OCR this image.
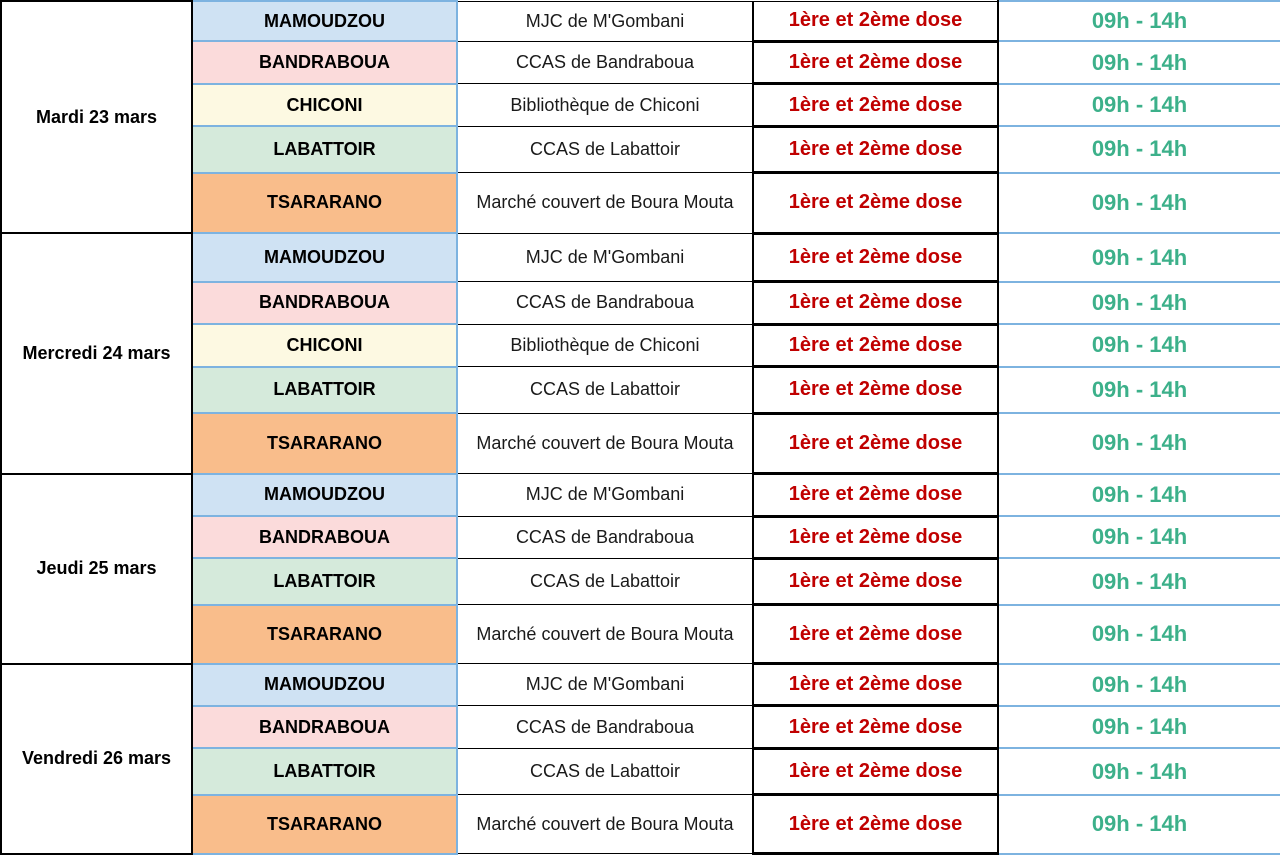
Mardi 23 mars	MAMOUDZOU	MJC de M'Gombani	1ère et 2ème dose	09h - 14h
	BANDRABOUA	CCAS de Bandraboua	1ère et 2ème dose	09h - 14h
	CHICONI	Bibliothèque de Chiconi	1ère et 2ème dose	09h - 14h
	LABATTOIR	CCAS de Labattoir	1ère et 2ème dose	09h - 14h
	TSARARANO	Marché couvert de Boura Mouta	1ère et 2ème dose	09h - 14h
Mercredi 24 mars	MAMOUDZOU	MJC de M'Gombani	1ère et 2ème dose	09h - 14h
	BANDRABOUA	CCAS de Bandraboua	1ère et 2ème dose	09h - 14h
	CHICONI	Bibliothèque de Chiconi	1ère et 2ème dose	09h - 14h
	LABATTOIR	CCAS de Labattoir	1ère et 2ème dose	09h - 14h
	TSARARANO	Marché couvert de Boura Mouta	1ère et 2ème dose	09h - 14h
Jeudi 25 mars	MAMOUDZOU	MJC de M'Gombani	1ère et 2ème dose	09h - 14h
	BANDRABOUA	CCAS de Bandraboua	1ère et 2ème dose	09h - 14h
	LABATTOIR	CCAS de Labattoir	1ère et 2ème dose	09h - 14h
	TSARARANO	Marché couvert de Boura Mouta	1ère et 2ème dose	09h - 14h
Vendredi 26 mars	MAMOUDZOU	MJC de M'Gombani	1ère et 2ème dose	09h - 14h
	BANDRABOUA	CCAS de Bandraboua	1ère et 2ème dose	09h - 14h
	LABATTOIR	CCAS de Labattoir	1ère et 2ème dose	09h - 14h
	TSARARANO	Marché couvert de Boura Mouta	1ère et 2ème dose	09h - 14h
